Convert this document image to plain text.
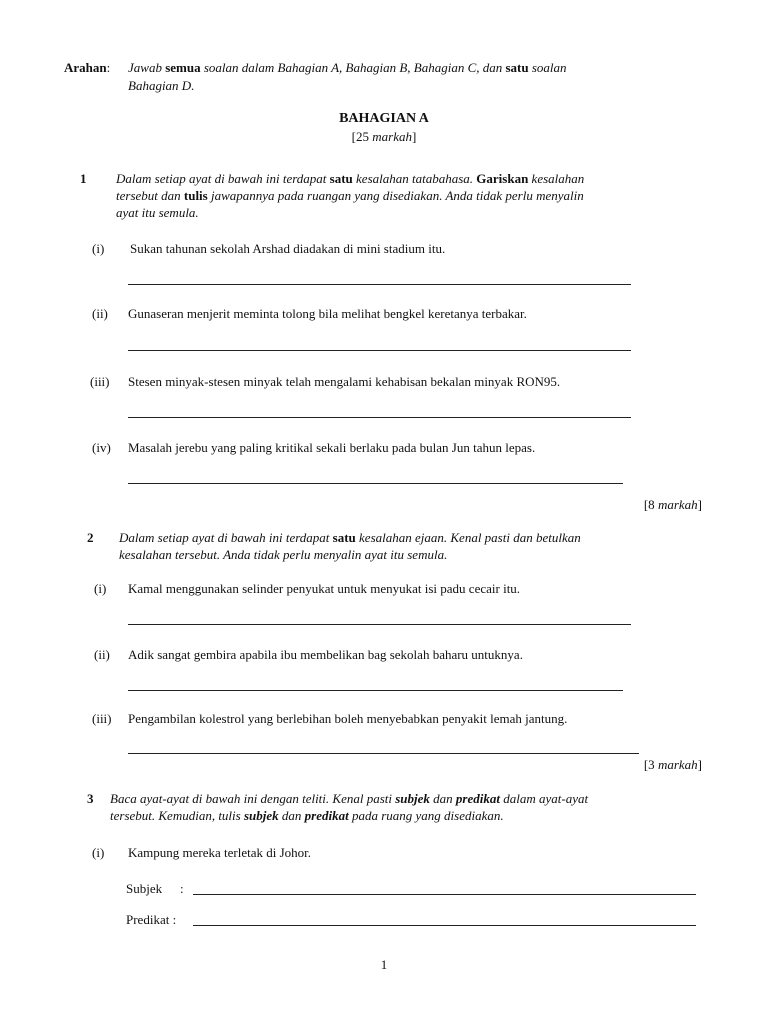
Arahan: Jawab semua soalan dalam Bahagian A, Bahagian B, Bahagian C, dan satu soalan
Bahagian D.
BAHAGIAN A
[25 markah]
1 Dalam setiap ayat di bawah ini terdapat satu kesalahan tatabahasa. Gariskan kesalahan
tersebut dan tulis jawapannya pada ruangan yang disediakan. Anda tidak perlu menyalin
ayat itu semula.
(i) Sukan tahunan sekolah Arshad diadakan di mini stadium itu.
(ii) Gunaseran menjerit meminta tolong bila melihat bengkel keretanya terbakar.
(iii) Stesen minyak-stesen minyak telah mengalami kehabisan bekalan minyak RON95.
(iv) Masalah jerebu yang paling kritikal sekali berlaku pada bulan Jun tahun lepas.
[8 markah]
2 Dalam setiap ayat di bawah ini terdapat satu kesalahan ejaan. Kenal pasti dan betulkan
kesalahan tersebut. Anda tidak perlu menyalin ayat itu semula.
(i) Kamal menggunakan selinder penyukat untuk menyukat isi padu cecair itu.
(ii) Adik sangat gembira apabila ibu membelikan bag sekolah baharu untuknya.
(iii) Pengambilan kolestrol yang berlebihan boleh menyebabkan penyakit lemah jantung.
[3 markah]
3 Baca ayat-ayat di bawah ini dengan teliti. Kenal pasti subjek dan predikat dalam ayat-ayat
tersebut. Kemudian, tulis subjek dan predikat pada ruang yang disediakan.
(i) Kampung mereka terletak di Johor.
Subjek :
Predikat :
1
